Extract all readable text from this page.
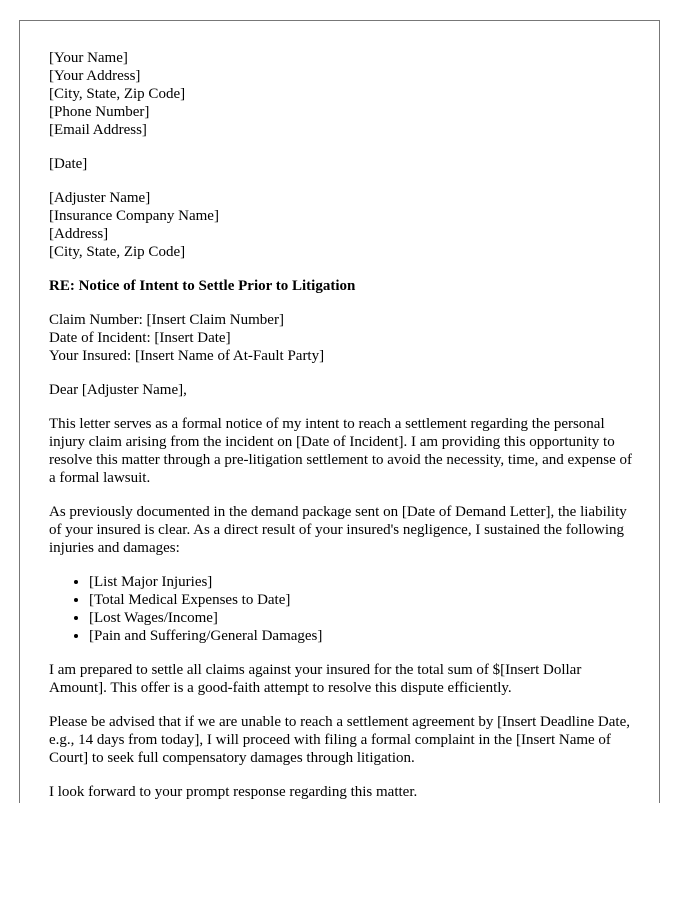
[Your Name]
[Your Address]
[City, State, Zip Code]
[Phone Number]
[Email Address]
[Date]
[Adjuster Name]
[Insurance Company Name]
[Address]
[City, State, Zip Code]
RE: Notice of Intent to Settle Prior to Litigation
Claim Number: [Insert Claim Number]
Date of Incident: [Insert Date]
Your Insured: [Insert Name of At-Fault Party]

Dear [Adjuster Name],

This letter serves as a formal notice of my intent to reach a settlement regarding the personal injury claim arising from the incident on [Date of Incident]. I am providing this opportunity to resolve this matter through a pre-litigation settlement to avoid the necessity, time, and expense of a formal lawsuit.

As previously documented in the demand package sent on [Date of Demand Letter], the liability of your insured is clear. As a direct result of your insured's negligence, I sustained the following injuries and damages:

• [List Major Injuries]
• [Total Medical Expenses to Date]
• [Lost Wages/Income]
• [Pain and Suffering/General Damages]

I am prepared to settle all claims against your insured for the total sum of $[Insert Dollar Amount]. This offer is a good-faith attempt to resolve this dispute efficiently.

Please be advised that if we are unable to reach a settlement agreement by [Insert Deadline Date, e.g., 14 days from today], I will proceed with filing a formal complaint in the [Insert Name of Court] to seek full compensatory damages through litigation.

I look forward to your prompt response regarding this matter.
